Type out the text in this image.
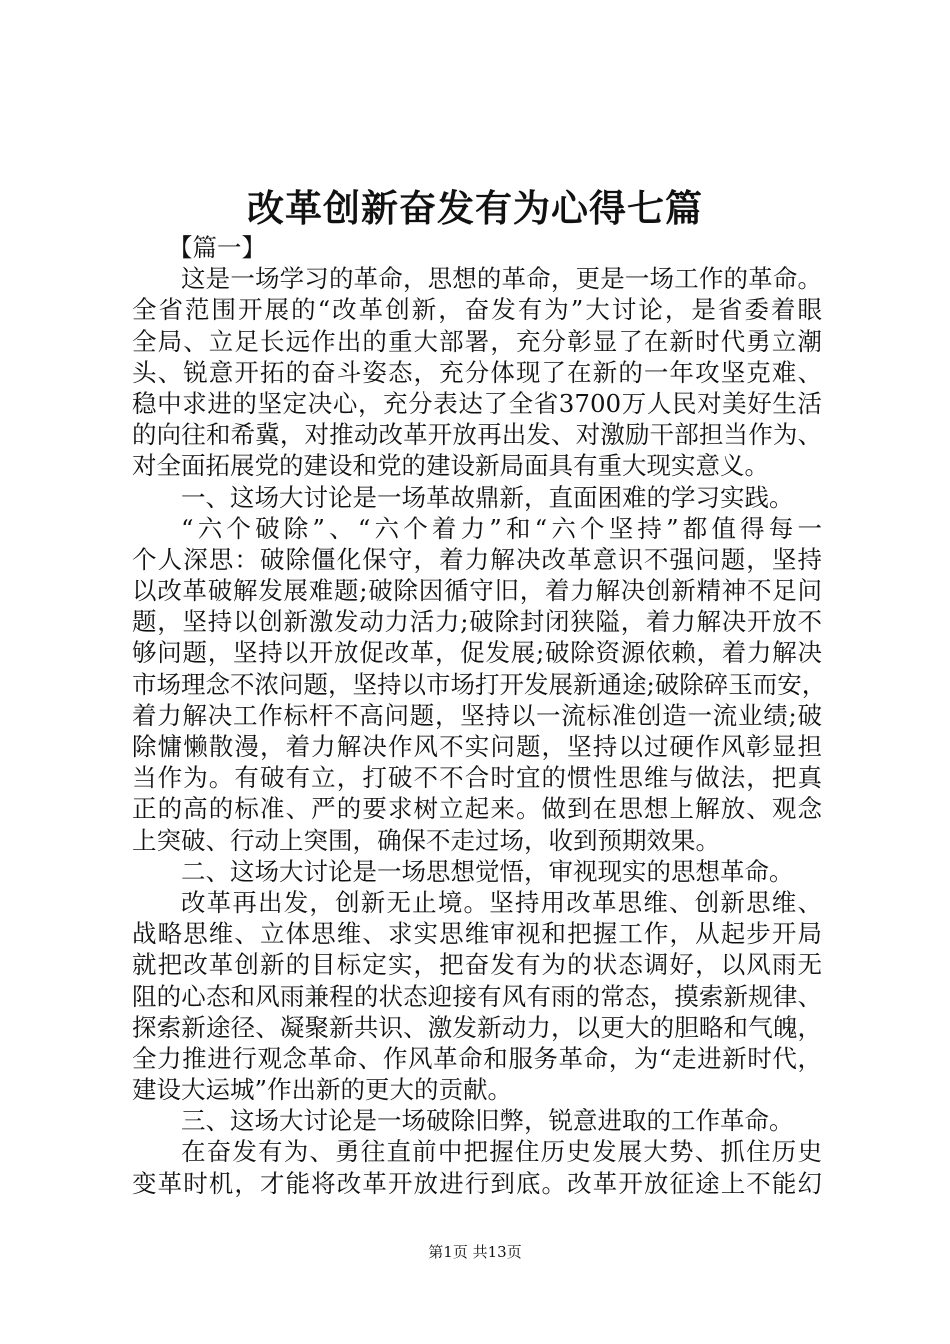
改革创新奋发有为心得七篇
【篇一】
这是一场学习的革命，思想的革命，更是一场工作的革命。
全省范围开展的“改革创新，奋发有为”大讨论，是省委着眼
全局、立足长远作出的重大部署，充分彰显了在新时代勇立潮
头、锐意开拓的奋斗姿态，充分体现了在新的一年攻坚克难、
稳中求进的坚定决心，充分表达了全省3700万人民对美好生活
的向往和希冀，对推动改革开放再出发、对激励干部担当作为、
对全面拓展党的建设和党的建设新局面具有重大现实意义。
一、这场大讨论是一场革故鼎新，直面困难的学习实践。
“六个破除”、“六个着力”和“六个坚持”都值得每一
个人深思：破除僵化保守，着力解决改革意识不强问题，坚持
以改革破解发展难题;破除因循守旧，着力解决创新精神不足问
题，坚持以创新激发动力活力;破除封闭狭隘，着力解决开放不
够问题，坚持以开放促改革，促发展;破除资源依赖，着力解决
市场理念不浓问题，坚持以市场打开发展新通途;破除碎玉而安，
着力解决工作标杆不高问题，坚持以一流标准创造一流业绩;破
除慵懒散漫，着力解决作风不实问题，坚持以过硬作风彰显担
当作为。有破有立，打破不不合时宜的惯性思维与做法，把真
正的高的标准、严的要求树立起来。做到在思想上解放、观念
上突破、行动上突围，确保不走过场，收到预期效果。
二、这场大讨论是一场思想觉悟，审视现实的思想革命。
改革再出发，创新无止境。坚持用改革思维、创新思维、
战略思维、立体思维、求实思维审视和把握工作，从起步开局
就把改革创新的目标定实，把奋发有为的状态调好，以风雨无
阻的心态和风雨兼程的状态迎接有风有雨的常态，摸索新规律、
探索新途径、凝聚新共识、激发新动力，以更大的胆略和气魄，
全力推进行观念革命、作风革命和服务革命，为“走进新时代，
建设大运城”作出新的更大的贡献。
三、这场大讨论是一场破除旧弊，锐意进取的工作革命。
在奋发有为、勇往直前中把握住历史发展大势、抓住历史
变革时机，才能将改革开放进行到底。改革开放征途上不能幻
第1页 共13页
